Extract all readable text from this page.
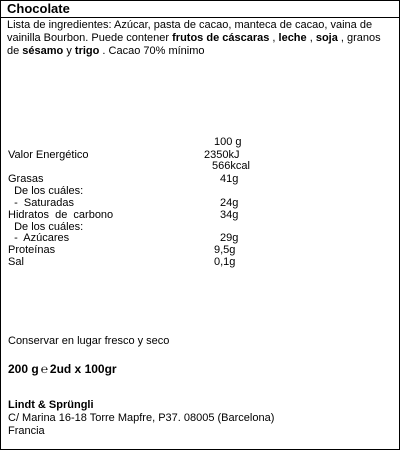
Chocolate
Lista de ingredientes: Azúcar, pasta de cacao, manteca de cacao, vaina de vainilla Bourbon. Puede contener frutos de cáscaras , leche , soja , granos de sésamo y trigo . Cacao 70% mínimo
100 g
Valor Energético	2350kJ
566kcal
Grasas	41g
De los cuáles:
-  Saturadas	24g
Hidratos  de  carbono	34g
De los cuáles:
-  Azúcares	29g
Proteínas	9,5g
Sal	0,1g
Conservar en lugar fresco y seco
200 g ℮ 2ud x 100gr
Lindt & Sprüngli
C/ Marina 16-18 Torre Mapfre, P37. 08005 (Barcelona)
Francia
